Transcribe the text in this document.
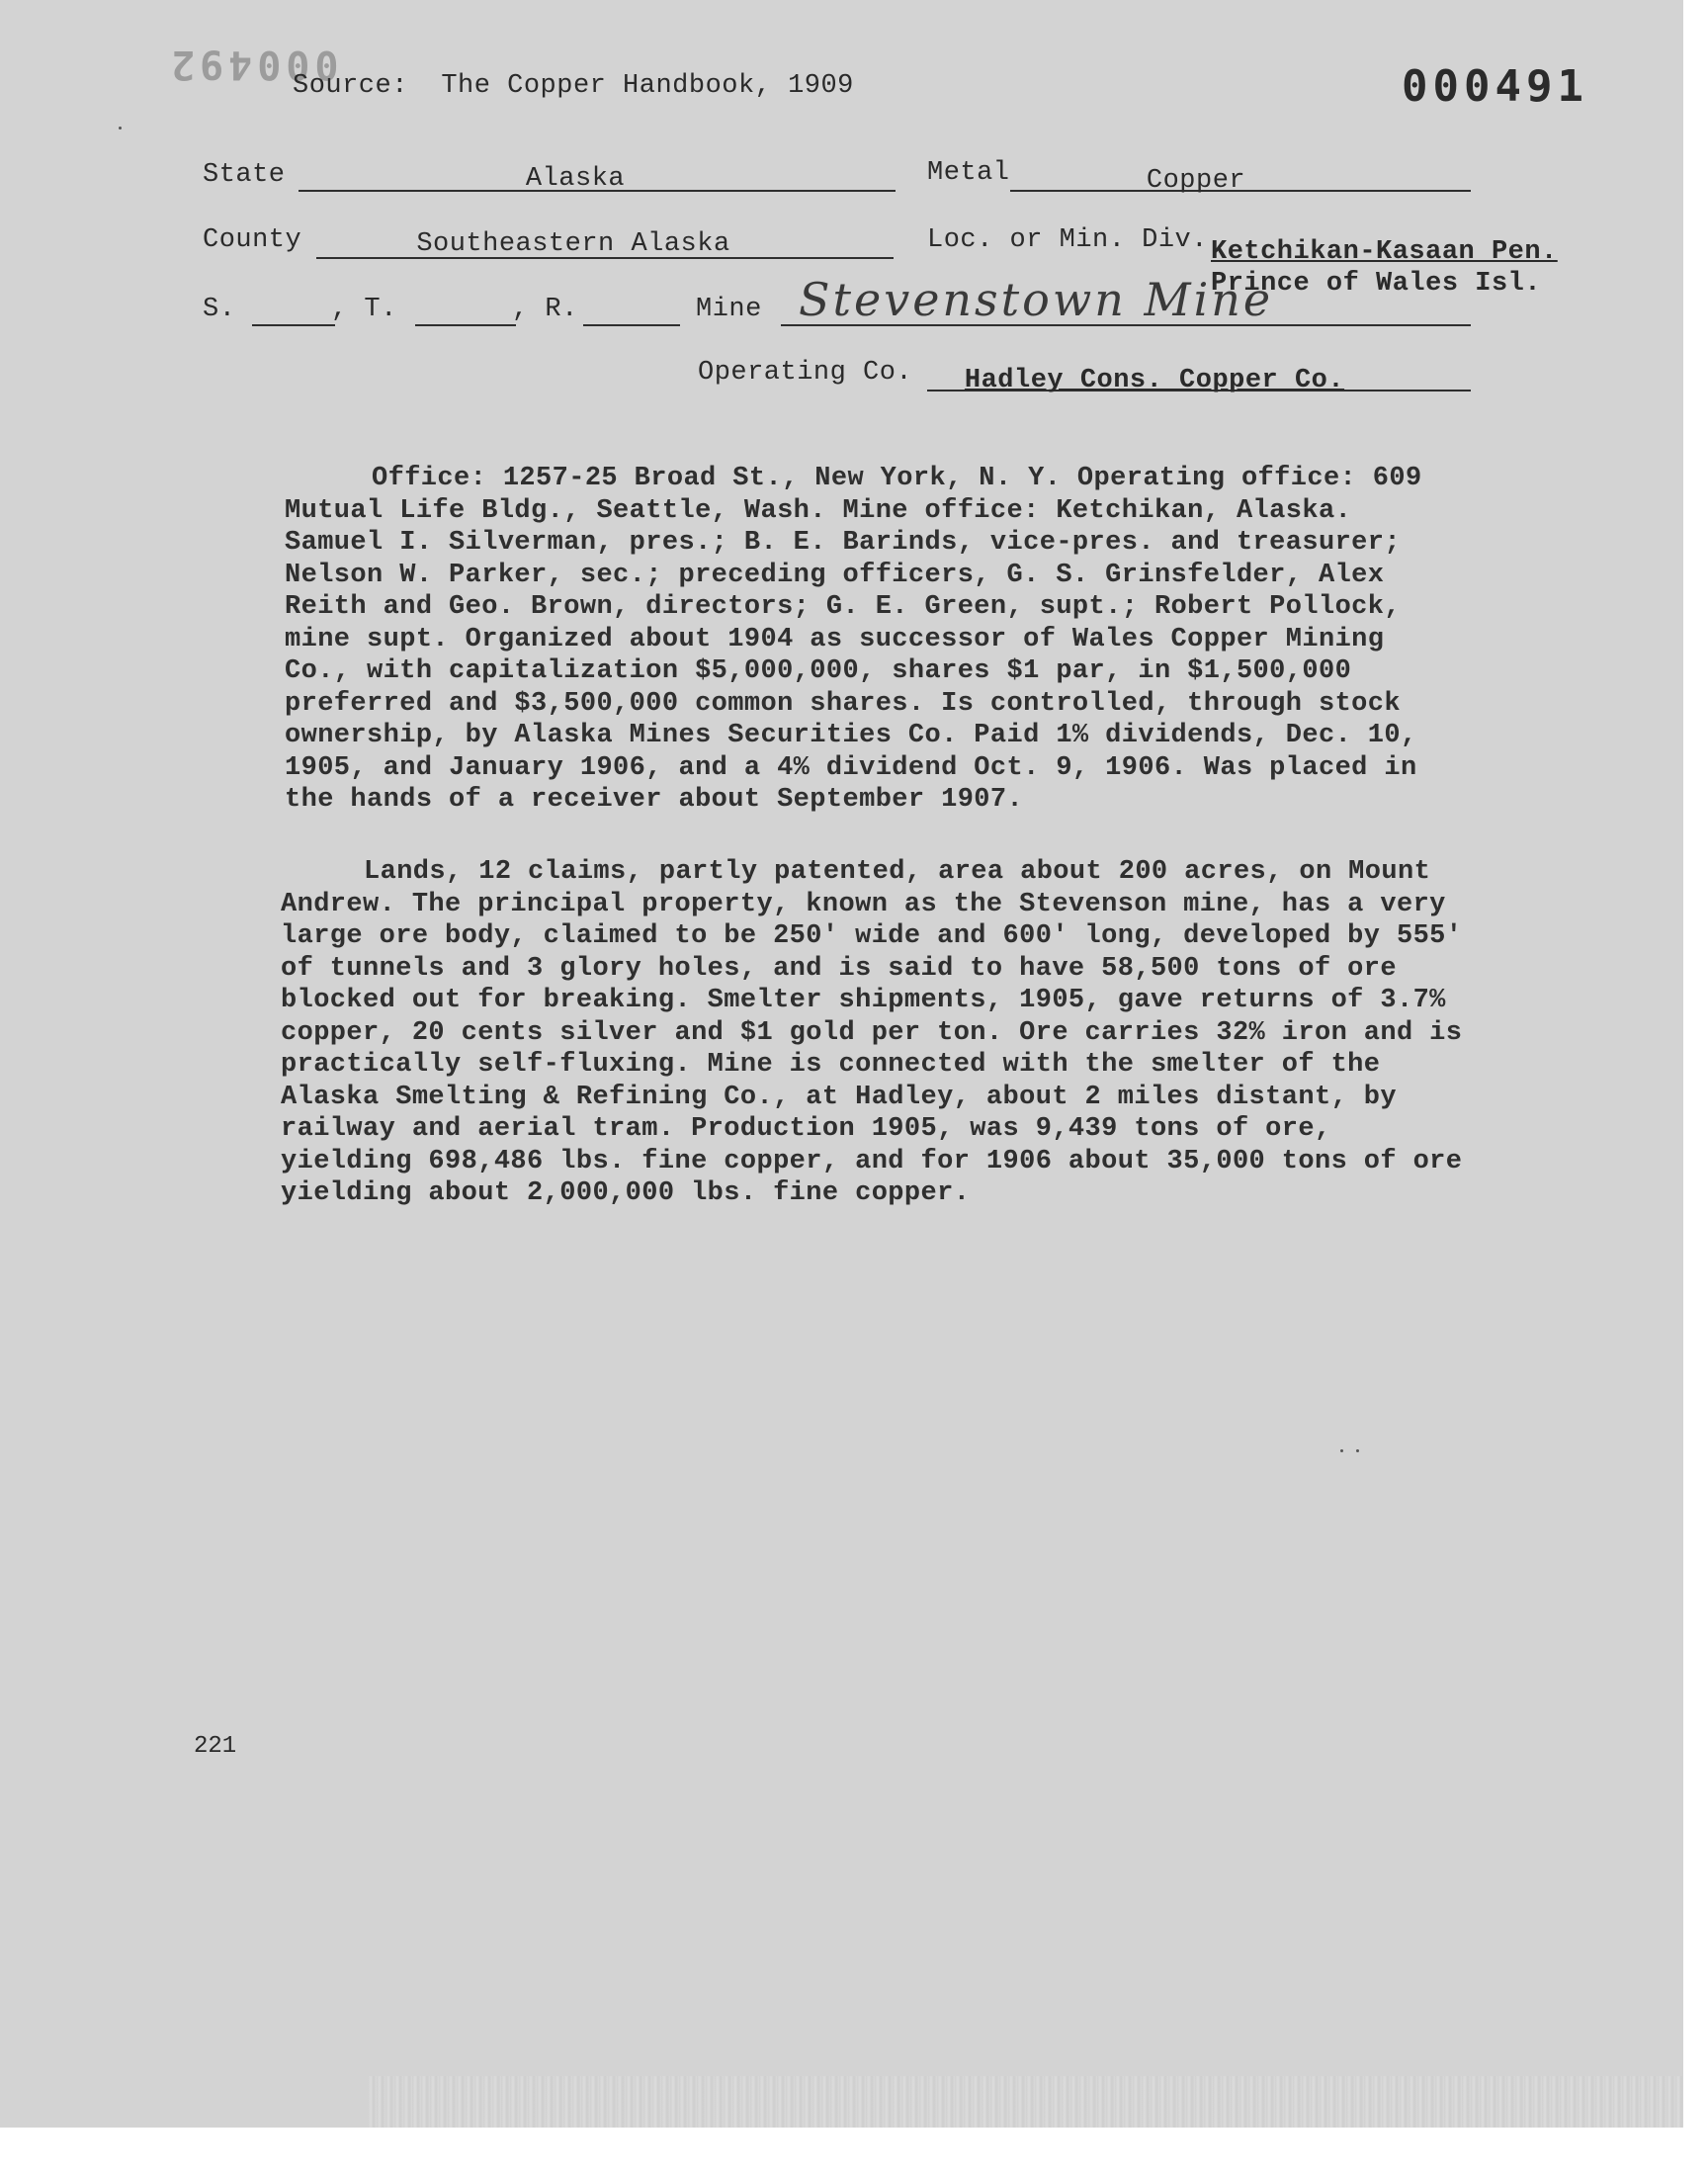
000492	000491
Source:  The Copper Handbook, 1909
State	Alaska	Metal	Copper
County	Southeastern Alaska	Loc. or Min. Div. Ketchikan-Kasaan Pen.
Prince of Wales Isl.
S.	, T.	, R.	Mine Stevenstown Mine
Operating Co.	Hadley Cons. Copper Co.
Office: 1257-25 Broad St., New York, N. Y. Operating office: 609 Mutual Life Bldg., Seattle, Wash. Mine office: Ketchikan, Alaska. Samuel I. Silverman, pres.; B. E. Barinds, vice-pres. and treasurer; Nelson W. Parker, sec.; preceding officers, G. S. Grinsfelder, Alex Reith and Geo. Brown, directors; G. E. Green, supt.; Robert Pollock, mine supt. Organized about 1904 as successor of Wales Copper Mining Co., with capitalization $5,000,000, shares $1 par, in $1,500,000 preferred and $3,500,000 common shares. Is controlled, through stock ownership, by Alaska Mines Securities Co. Paid 1% dividends, Dec. 10, 1905, and January 1906, and a 4% dividend Oct. 9, 1906. Was placed in the hands of a receiver about September 1907.
Lands, 12 claims, partly patented, area about 200 acres, on Mount Andrew. The principal property, known as the Stevenson mine, has a very large ore body, claimed to be 250' wide and 600' long, developed by 555' of tunnels and 3 glory holes, and is said to have 58,500 tons of ore blocked out for breaking. Smelter shipments, 1905, gave returns of 3.7% copper, 20 cents silver and $1 gold per ton. Ore carries 32% iron and is practically self-fluxing. Mine is connected with the smelter of the Alaska Smelting & Refining Co., at Hadley, about 2 miles distant, by railway and aerial tram. Production 1905, was 9,439 tons of ore, yielding 698,486 lbs. fine copper, and for 1906 about 35,000 tons of ore yielding about 2,000,000 lbs. fine copper.
221
